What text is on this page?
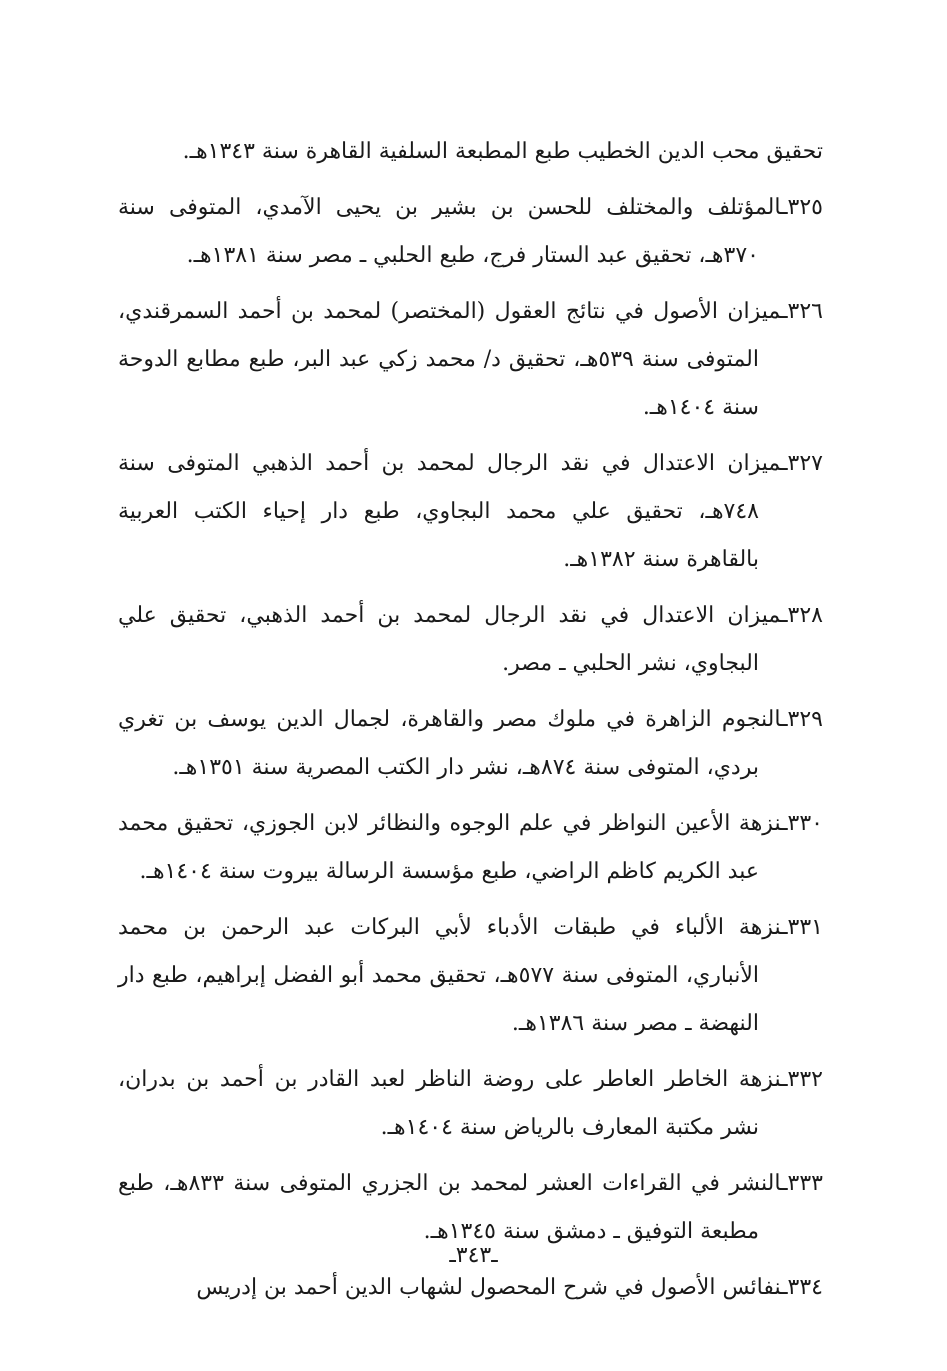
تحقيق محب الدين الخطيب طبع المطبعة السلفية القاهرة سنة ١٣٤٣هـ.
٣٢٥ـالمؤتلف والمختلف للحسن بن بشير بن يحيى الآمدي، المتوفى سنة ٣٧٠هـ، تحقيق عبد الستار فرج، طبع الحلبي ـ مصر سنة ١٣٨١هـ.
٣٢٦ـميزان الأصول في نتائج العقول (المختصر) لمحمد بن أحمد السمرقندي، المتوفى سنة ٥٣٩هـ، تحقيق د/ محمد زكي عبد البر، طبع مطابع الدوحة سنة ١٤٠٤هـ.
٣٢٧ـميزان الاعتدال في نقد الرجال لمحمد بن أحمد الذهبي المتوفى سنة ٧٤٨هـ، تحقيق علي محمد البجاوي، طبع دار إحياء الكتب العربية بالقاهرة سنة ١٣٨٢هـ.
٣٢٨ـميزان الاعتدال في نقد الرجال لمحمد بن أحمد الذهبي، تحقيق علي البجاوي، نشر الحلبي ـ مصر.
٣٢٩ـالنجوم الزاهرة في ملوك مصر والقاهرة، لجمال الدين يوسف بن تغري بردي، المتوفى سنة ٨٧٤هـ، نشر دار الكتب المصرية سنة ١٣٥١هـ.
٣٣٠ـنزهة الأعين النواظر في علم الوجوه والنظائر لابن الجوزي، تحقيق محمد عبد الكريم كاظم الراضي، طبع مؤسسة الرسالة بيروت سنة ١٤٠٤هـ.
٣٣١ـنزهة الألباء في طبقات الأدباء لأبي البركات عبد الرحمن بن محمد الأنباري، المتوفى سنة ٥٧٧هـ، تحقيق محمد أبو الفضل إبراهيم، طبع دار النهضة ـ مصر سنة ١٣٨٦هـ.
٣٣٢ـنزهة الخاطر العاطر على روضة الناظر لعبد القادر بن أحمد بن بدران، نشر مكتبة المعارف بالرياض سنة ١٤٠٤هـ.
٣٣٣ـالنشر في القراءات العشر لمحمد بن الجزري المتوفى سنة ٨٣٣هـ، طبع مطبعة التوفيق ـ دمشق سنة ١٣٤٥هـ.
٣٣٤ـنفائس الأصول في شرح المحصول لشهاب الدين أحمد بن إدريس
ـ٣٤٣ـ
